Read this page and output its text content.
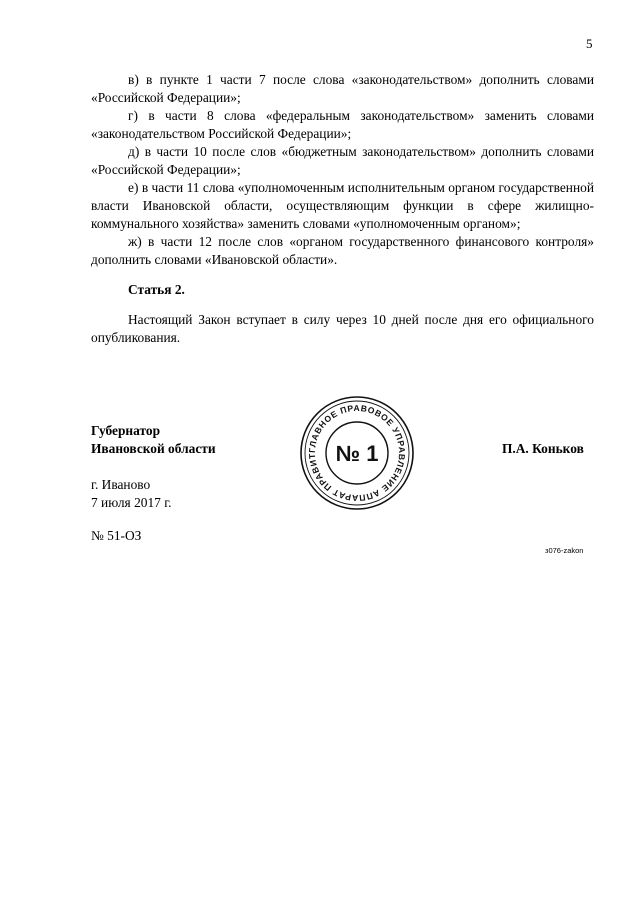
5

в) в пункте 1 части 7 после слова «законодательством» дополнить словами «Российской Федерации»;

г) в части 8 слова «федеральным законодательством» заменить словами «законодательством Российской Федерации»;

д) в части 10 после слов «бюджетным законодательством» дополнить словами «Российской Федерации»;

е) в части 11 слова «уполномоченным исполнительным органом государственной власти Ивановской области, осуществляющим функции в сфере жилищно-коммунального хозяйства» заменить словами «уполномоченным органом»;

ж) в части 12 после слов «органом государственного финансового контроля» дополнить словами «Ивановской области».

Статья 2.

Настоящий Закон вступает в силу через 10 дней после дня его официального опубликования.

Губернатор
Ивановской области	П.А. Коньков
г. Иваново
7 июля 2017 г.
№ 51-ОЗ
з076-zakon
ГЛАВНОЕ ПРАВОВОЕ УПРАВЛЕНИЕ АППАРАТ ПРАВИТ № 1
